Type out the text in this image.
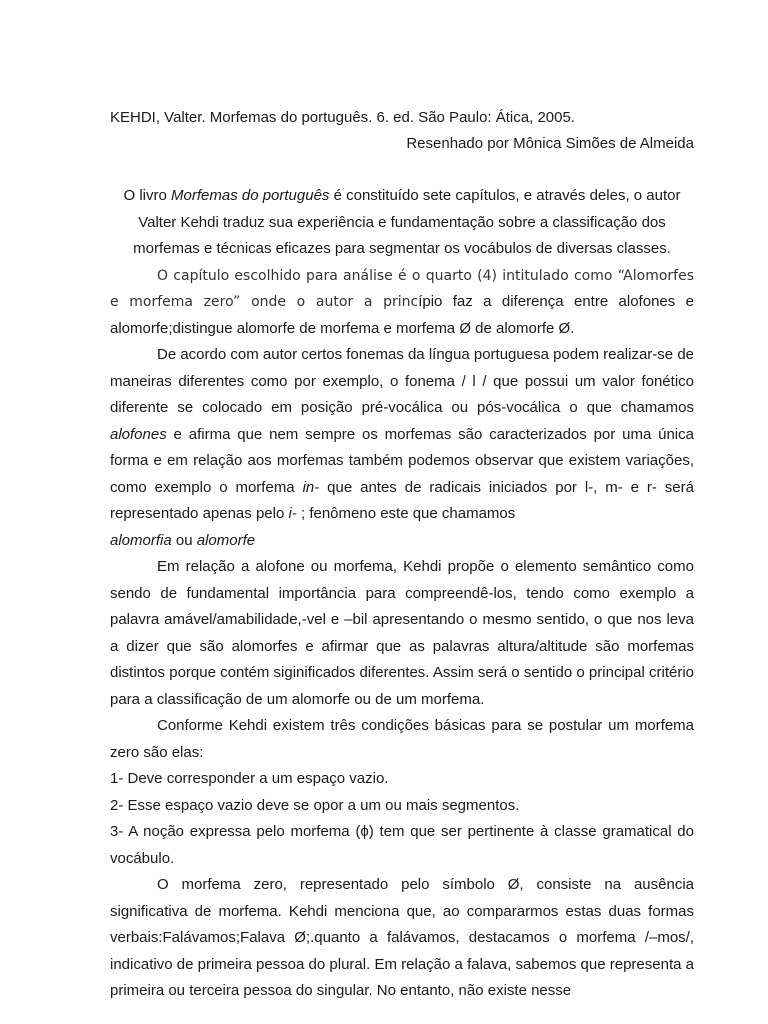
KEHDI, Valter. Morfemas do português. 6. ed. São Paulo: Ática, 2005.
Resenhado por Mônica Simões de Almeida

O livro Morfemas do português é constituído sete capítulos, e através deles, o autor Valter Kehdi traduz sua experiência e fundamentação sobre a classificação dos morfemas e técnicas eficazes para segmentar os vocábulos de diversas classes.

O capítulo escolhido para análise é o quarto (4) intitulado como “Alomorfes e morfema zero” onde o autor a princípio faz a diferença entre alofones e alomorfe;distingue alomorfe de morfema e morfema Ø de alomorfe Ø.

De acordo com autor certos fonemas da língua portuguesa podem realizar-se de maneiras diferentes como por exemplo, o fonema / l / que possui um valor fonético diferente se colocado em posição pré-vocálica ou pós-vocálica o que chamamos alofones e afirma que nem sempre os morfemas são caracterizados por uma única forma e em relação aos morfemas também podemos observar que existem variações, como exemplo o morfema in- que antes de radicais iniciados por l-, m- e r- será representado apenas pelo i- ; fenômeno este que chamamos
alomorfia ou alomorfe

Em relação a alofone ou morfema, Kehdi propõe o elemento semântico como sendo de fundamental importância para compreendê-los, tendo como exemplo a palavra amável/amabilidade,-vel e –bil apresentando o mesmo sentido, o que nos leva a dizer que são alomorfes e afirmar que as palavras altura/altitude são morfemas distintos porque contém siginificados diferentes. Assim será o sentido o principal critério para a classificação de um alomorfe ou de um morfema.

Conforme Kehdi existem três condições básicas para se postular um morfema zero são elas:

1- Deve corresponder a um espaço vazio.

2- Esse espaço vazio deve se opor a um ou mais segmentos.

3- A noção expressa pelo morfema (ϕ) tem que ser pertinente à classe gramatical do vocábulo.

O morfema zero, representado pelo símbolo Ø, consiste na ausência significativa de morfema. Kehdi menciona que, ao compararmos estas duas formas verbais:Falávamos;Falava Ø;.quanto a falávamos, destacamos o morfema /–mos/, indicativo de primeira pessoa do plural. Em relação a falava, sabemos que representa a primeira ou terceira pessoa do singular. No entanto, não existe nesse
